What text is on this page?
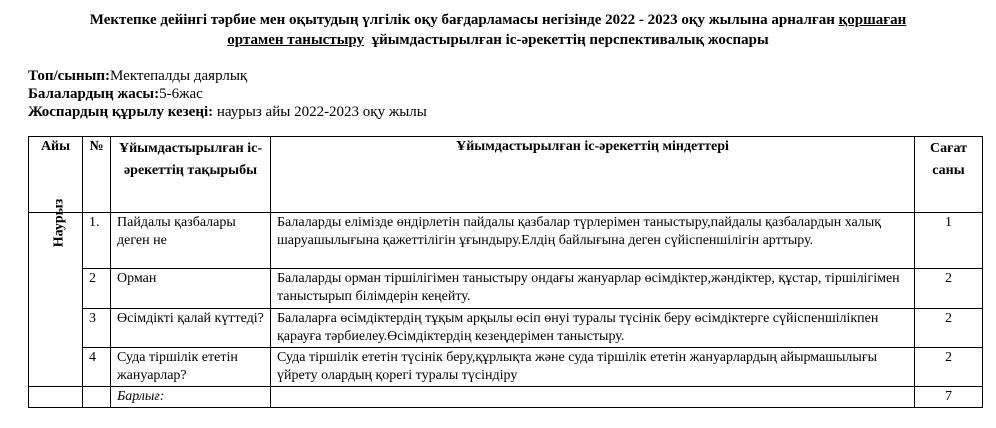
Мектепке дейінгі тәрбие мен оқытудың үлгілік оқу бағдарламасы негізінде 2022 - 2023 оқу жылына арналған қоршаған
ортамен таныстыру  ұйымдастырылған іс-әрекеттің перспективалық жоспары
Топ/сынып:Мектепалды даярлық
Балалардың жасы:5-6жас
Жоспардың құрылу кезеңі: наурыз айы 2022-2023 оқу жылы
Айы	№	Ұйымдастырылған іс-әрекеттің тақырыбы	Ұйымдастырылған іс-әрекеттің міндеттері	Сағат саны
Наурыз	1.	Пайдалы қазбалары деген не	Балаларды елімізде өндірлетін пайдалы қазбалар түрлерімен таныстыру,пайдалы қазбалардын халық шаруашылығына қажеттілігін ұғындыру.Елдің байлығына деген сүйіспеншілігін арттыру.	1
	2	Орман	Балаларды орман тіршілігімен таныстыру ондағы жануарлар өсімдіктер,жәндіктер, құстар, тіршілігімен таныстырып білімдерін кеңейту.	2
	3	Өсімдікті қалай күттеді?	Балаларға өсімдіктердің тұқым арқылы өсіп өнуі туралы түсінік беру өсімдіктерге сүйіспеншілікпен қарауға тәрбиелеу.Өсімдіктердің кезеңдерімен таныстыру.	2
	4	Суда тіршілік ететін жануарлар?	Суда тіршілік ететін түсінік беру,құрлықта және суда тіршілік ететін жануарлардың айырмашылығы үйрету олардың қорегі туралы түсіндіру	2
		Барлығ:		7
